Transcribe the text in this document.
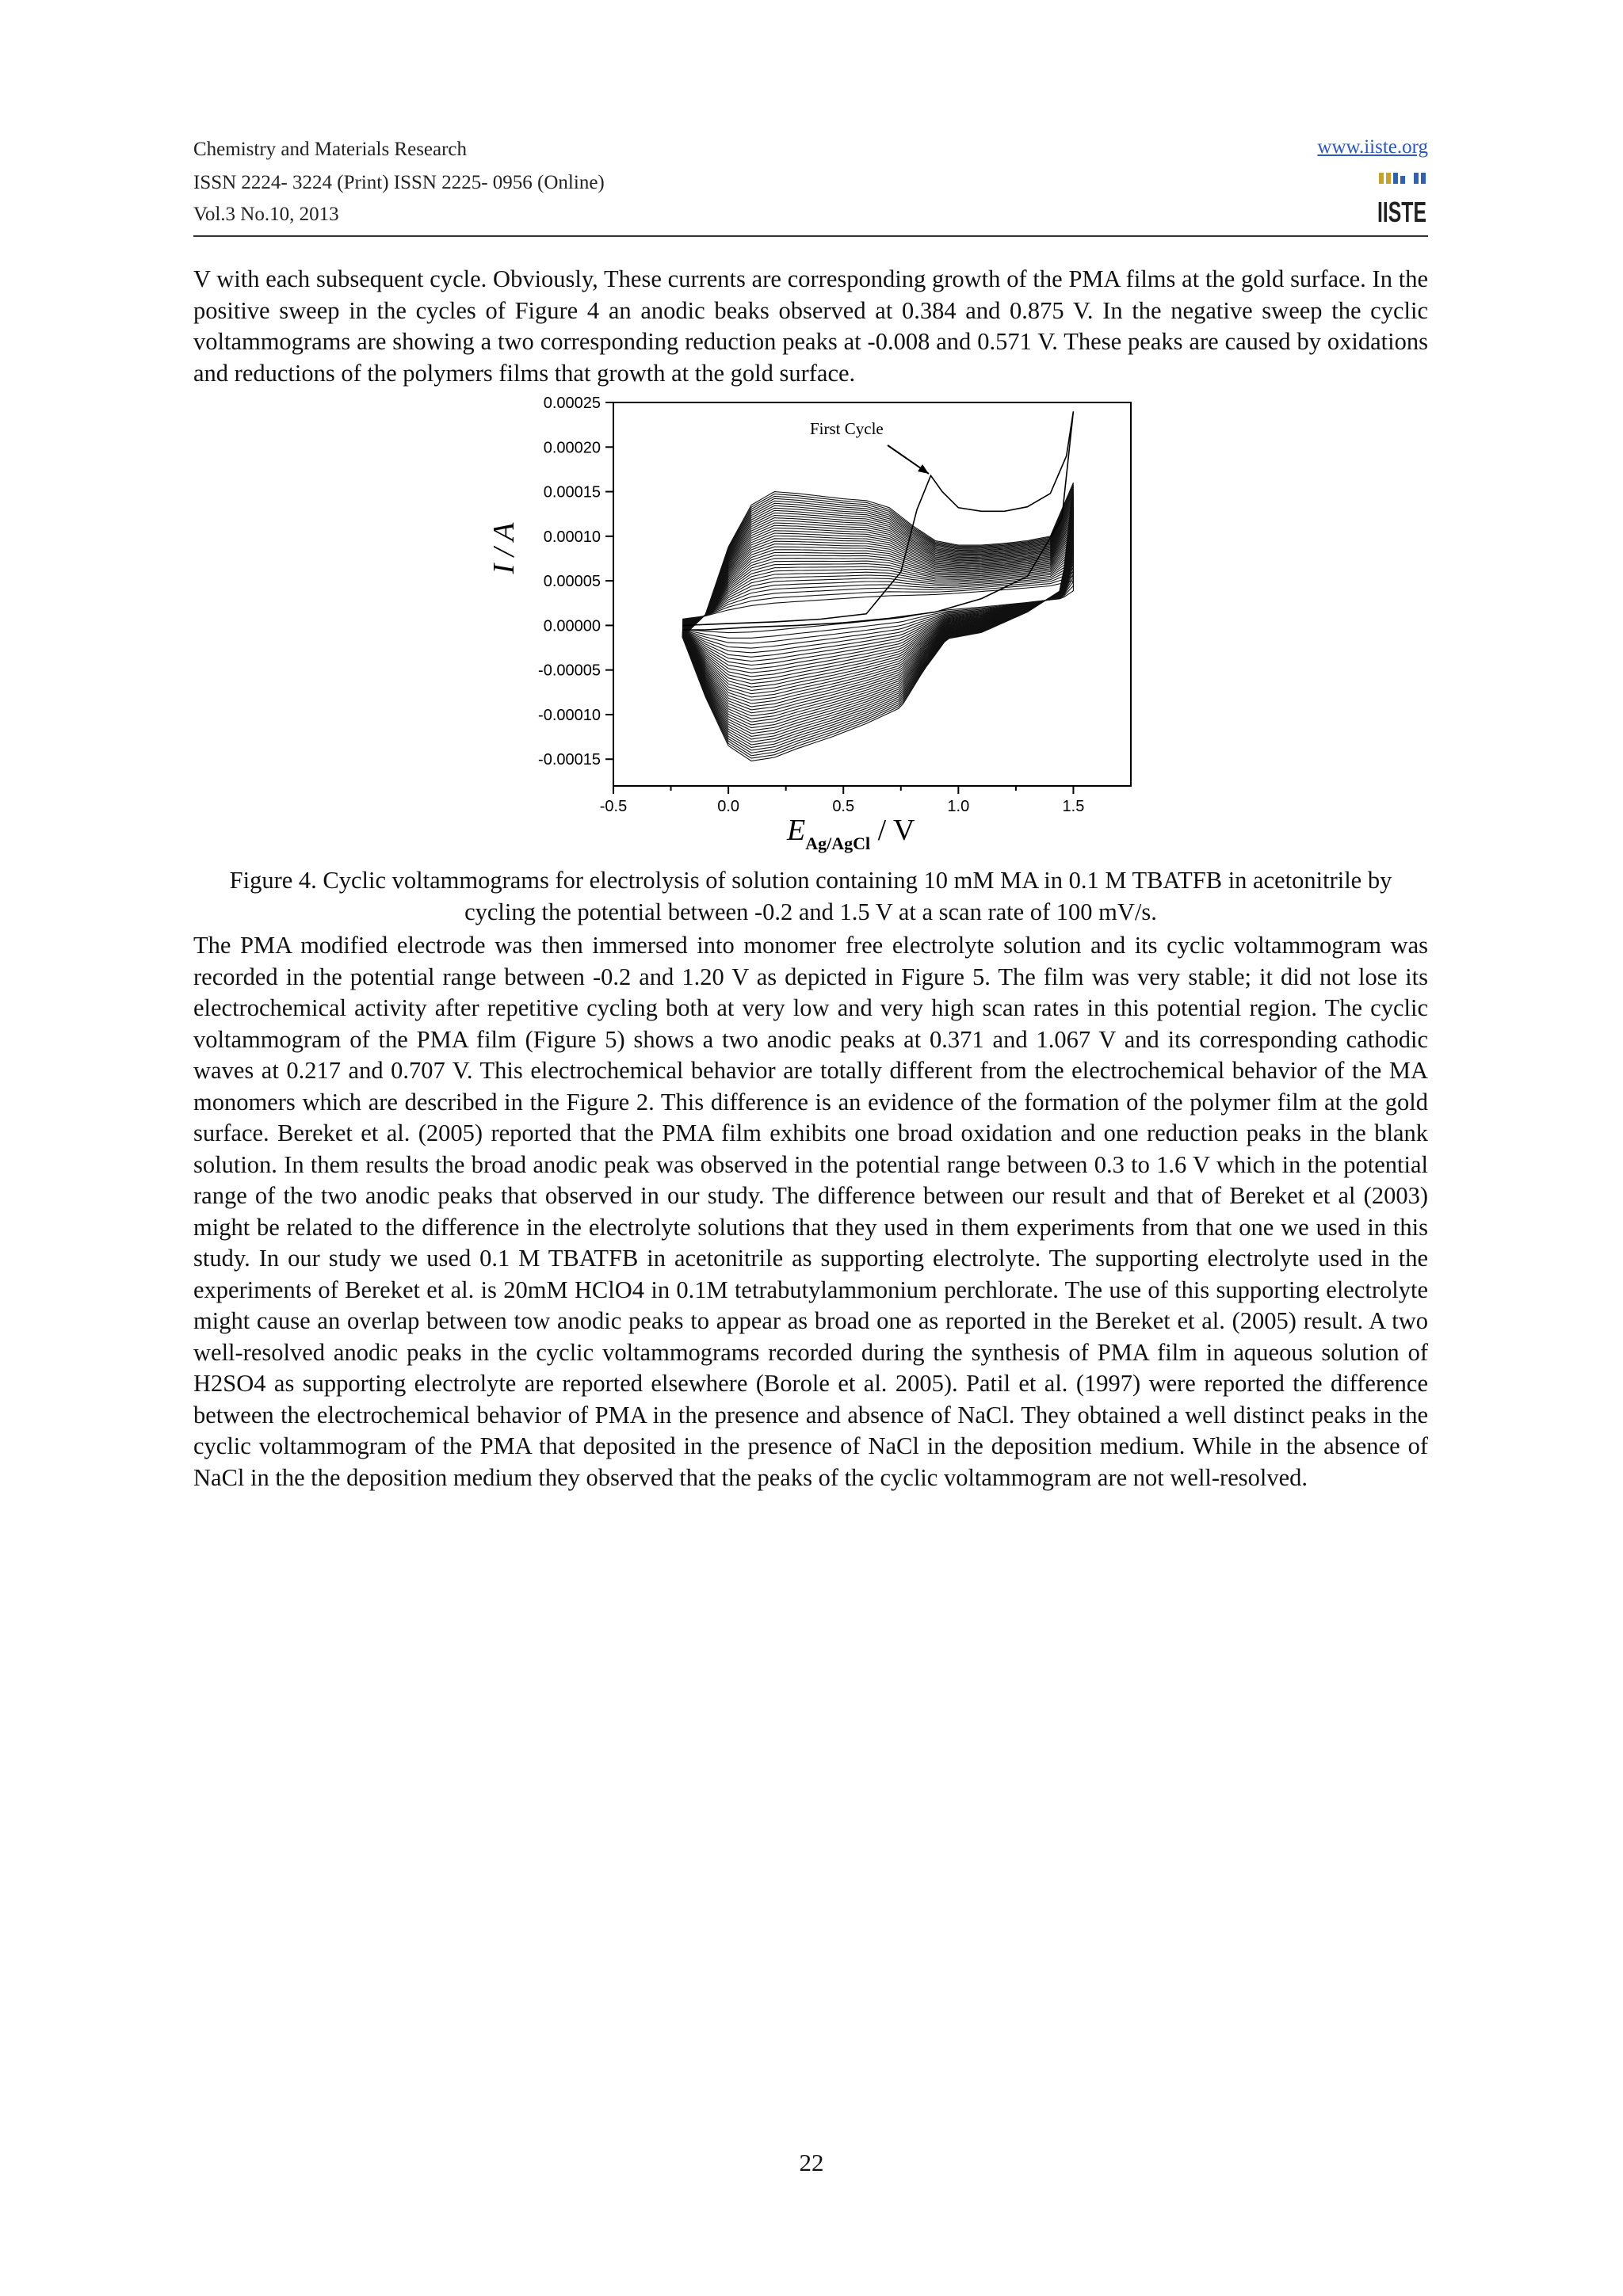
Chemistry and Materials Research
ISSN 2224- 3224 (Print) ISSN 2225- 0956 (Online)
Vol.3 No.10, 2013
www.iiste.org
IISTE
V with each subsequent cycle. Obviously, These currents are corresponding growth of the PMA films at the gold surface. In the positive sweep in the cycles of Figure 4 an anodic beaks observed at 0.384 and 0.875 V. In the negative sweep the cyclic voltammograms are showing a two corresponding reduction peaks at -0.008 and 0.571 V. These peaks are caused by oxidations and reductions of the polymers films that growth at the gold surface.
0.00025
0.00020
0.00015
0.00010
0.00005
0.00000
-0.00005
-0.00010
-0.00015
-0.5	0.0	0.5	1.0	1.5
I / A
$E_{Ag/AgCl}$ / V
First Cycle
Figure 4. Cyclic voltammograms for electrolysis of solution containing 10 mM MA in 0.1 M TBATFB in acetonitrile by cycling the potential between -0.2 and 1.5 V at a scan rate of 100 mV/s.
The PMA modified electrode was then immersed into monomer free electrolyte solution and its cyclic voltammogram was recorded in the potential range between -0.2 and 1.20 V as depicted in Figure 5. The film was very stable; it did not lose its electrochemical activity after repetitive cycling both at very low and very high scan rates in this potential region. The cyclic voltammogram of the PMA film (Figure 5) shows a two anodic peaks at 0.371 and 1.067 V and its corresponding cathodic waves at 0.217 and 0.707 V. This electrochemical behavior are totally different from the electrochemical behavior of the MA monomers which are described in the Figure 2. This difference is an evidence of the formation of the polymer film at the gold surface. Bereket et al. (2005) reported that the PMA film exhibits one broad oxidation and one reduction peaks in the blank solution. In them results the broad anodic peak was observed in the potential range between 0.3 to 1.6 V which in the potential range of the two anodic peaks that observed in our study. The difference between our result and that of Bereket et al (2003) might be related to the difference in the electrolyte solutions that they used in them experiments from that one we used in this study. In our study we used 0.1 M TBATFB in acetonitrile as supporting electrolyte. The supporting electrolyte used in the experiments of Bereket et al. is 20mM HClO4 in 0.1M tetrabutylammonium perchlorate. The use of this supporting electrolyte might cause an overlap between tow anodic peaks to appear as broad one as reported in the Bereket et al. (2005) result. A two well-resolved anodic peaks in the cyclic voltammograms recorded during the synthesis of PMA film in aqueous solution of H2SO4 as supporting electrolyte are reported elsewhere (Borole et al. 2005). Patil et al. (1997) were reported the difference between the electrochemical behavior of PMA in the presence and absence of NaCl. They obtained a well distinct peaks in the cyclic voltammogram of the PMA that deposited in the presence of NaCl in the deposition medium. While in the absence of NaCl in the the deposition medium they observed that the peaks of the cyclic voltammogram are not well-resolved.
22
